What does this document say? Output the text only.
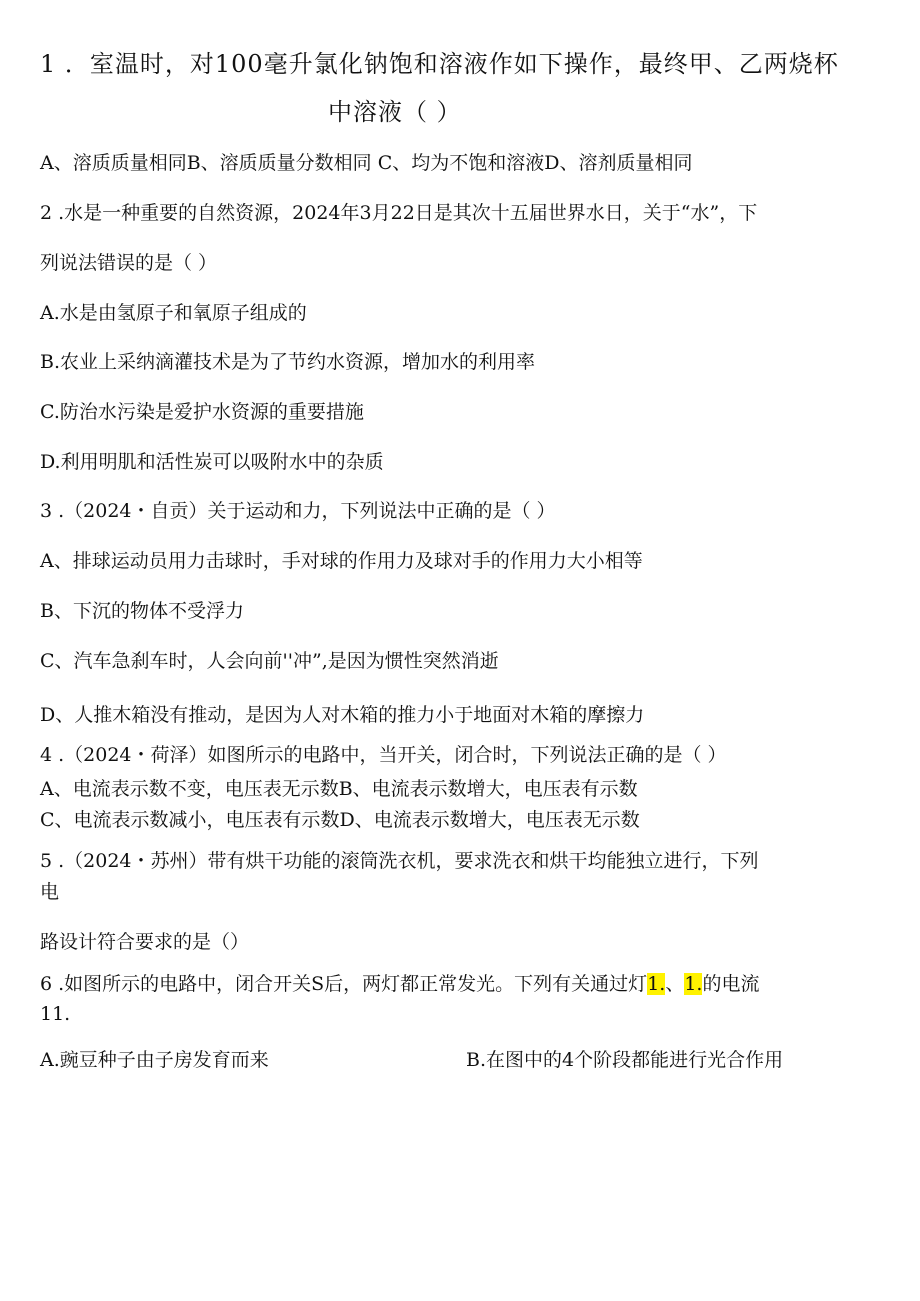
1 ．室温时，对100毫升氯化钠饱和溶液作如下操作，最终甲、乙两烧杯
中溶液（ ）
A、溶质质量相同B、溶质质量分数相同 C、均为不饱和溶液D、溶剂质量相同
2 .水是一种重要的自然资源，2024年3月22日是其次十五届世界水日，关于“水”，下
列说法错误的是（ ）
A.水是由氢原子和氧原子组成的
B.农业上采纳滴灌技术是为了节约水资源，增加水的利用率
C.防治水污染是爱护水资源的重要措施
D.利用明肌和活性炭可以吸附水中的杂质
3 .（2024・自贡）关于运动和力，下列说法中正确的是（ ）
A、排球运动员用力击球时，手对球的作用力及球对手的作用力大小相等
B、下沉的物体不受浮力
C、汽车急刹车时，人会向前''冲”,是因为惯性突然消逝
D、人推木箱没有推动，是因为人对木箱的推力小于地面对木箱的摩擦力
4 .（2024・荷泽）如图所示的电路中，当开关，闭合时，下列说法正确的是（ ）
A、电流表示数不变，电压表无示数B、电流表示数增大，电压表有示数
C、电流表示数减小，电压表有示数D、电流表示数增大，电压表无示数
5 .（2024・苏州）带有烘干功能的滚筒洗衣机，要求洗衣和烘干均能独立进行，下列
电
路设计符合要求的是（）
6 .如图所示的电路中，闭合开关S后，两灯都正常发光。下列有关通过灯1.、1.的电流
11.
A.豌豆种子由子房发育而来	B.在图中的4个阶段都能进行光合作用
